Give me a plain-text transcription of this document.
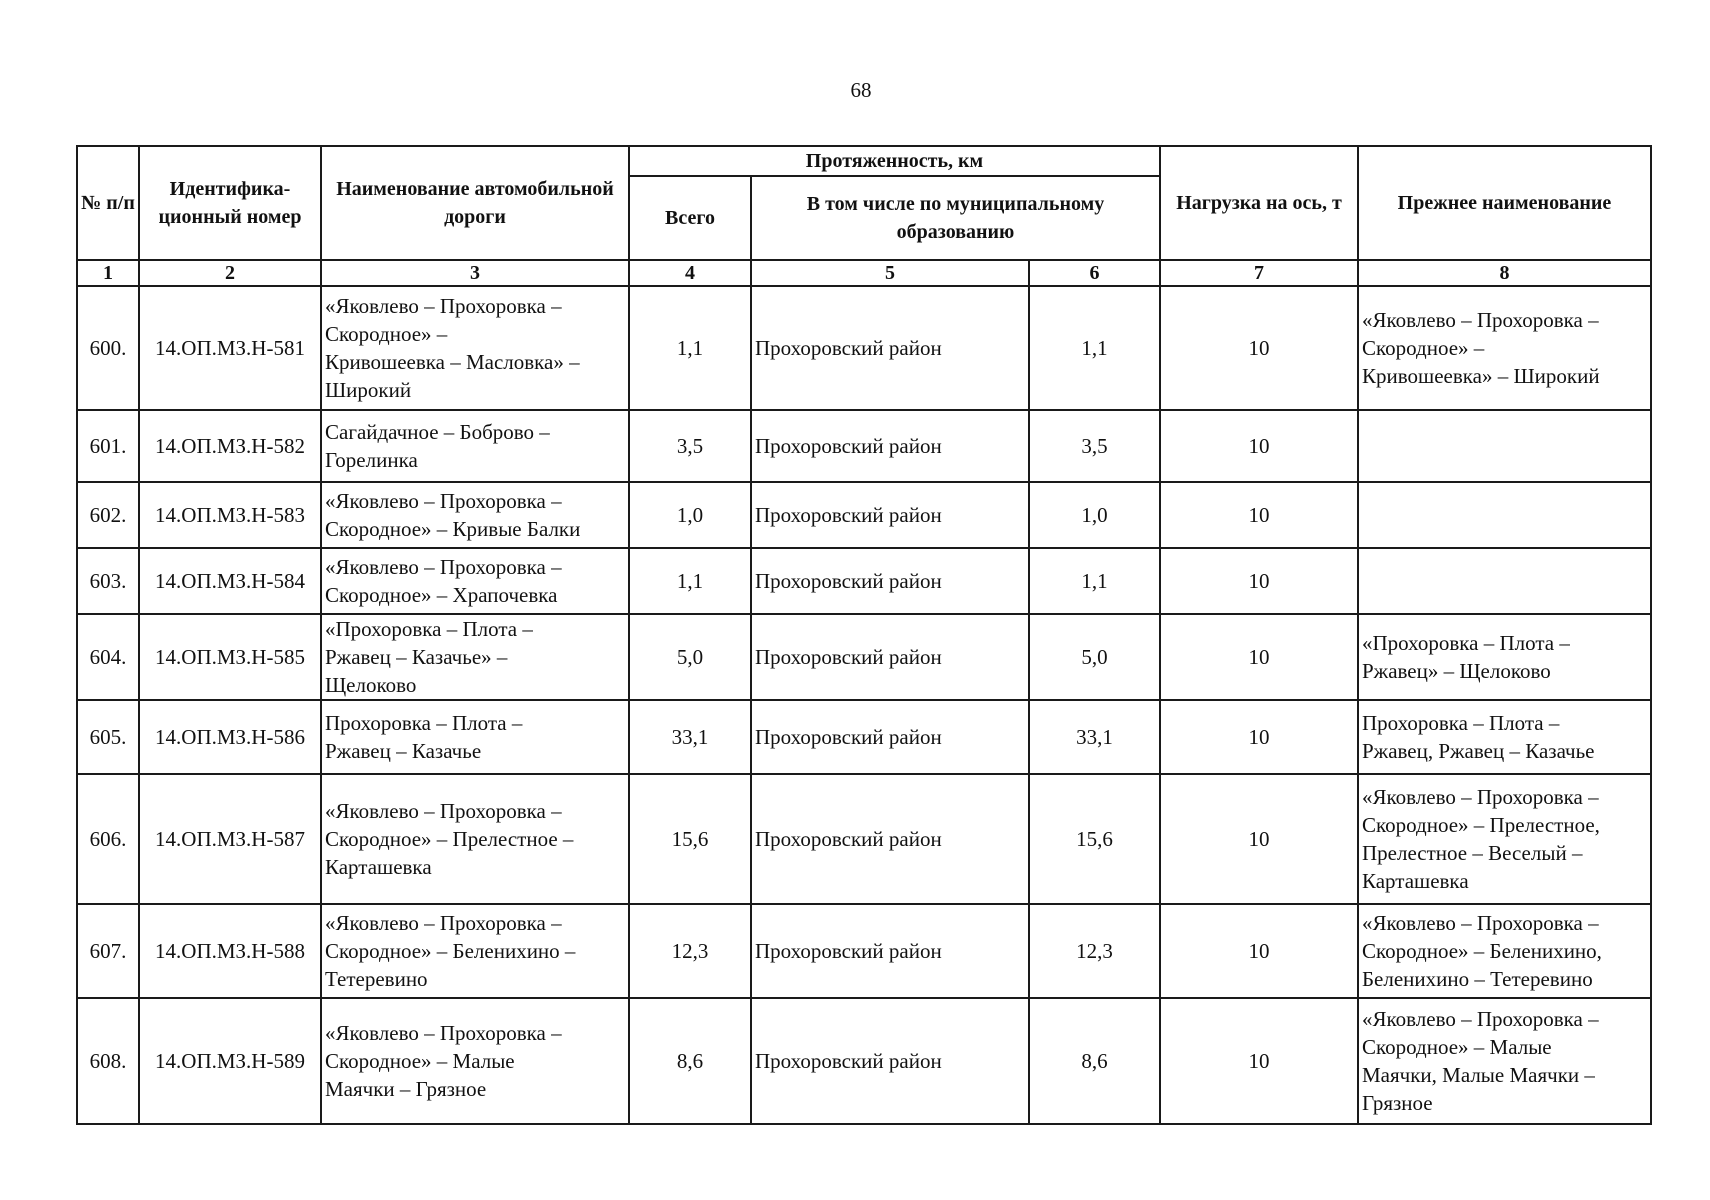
68
№ п/п	Идентифика-ционный номер	Наименование автомобильной дороги	Протяженность, км			Нагрузка на ось, т	Прежнее наименование
			Всего	В том числе по муниципальному образованию			
1	2	3	4	5	6	7	8
600.	14.ОП.МЗ.Н-581	«Яковлево – Прохоровка –
Скородное» –
Кривошеевка – Масловка» –
Широкий	1,1	Прохоровский район	1,1	10	«Яковлево – Прохоровка –
Скородное» –
Кривошеевка» – Широкий

601.	14.ОП.МЗ.Н-582	Сагайдачное – Боброво –
Горелинка	3,5	Прохоровский район	3,5	10	
602.	14.ОП.МЗ.Н-583	«Яковлево – Прохоровка –
Скородное» – Кривые Балки	1,0	Прохоровский район	1,0	10	
603.	14.ОП.МЗ.Н-584	«Яковлево – Прохоровка –
Скородное» – Храпочевка	1,1	Прохоровский район	1,1	10	
604.	14.ОП.МЗ.Н-585	«Прохоровка – Плота –
Ржавец – Казачье» –
Щелоково	5,0	Прохоровский район	5,0	10	«Прохоровка – Плота –
Ржавец» – Щелоково

605.	14.ОП.МЗ.Н-586	Прохоровка – Плота –
Ржавец – Казачье	33,1	Прохоровский район	33,1	10	Прохоровка – Плота –
Ржавец, Ржавец – Казачье

606.	14.ОП.МЗ.Н-587	«Яковлево – Прохоровка –
Скородное» – Прелестное –
Карташевка	15,6	Прохоровский район	15,6	10	«Яковлево – Прохоровка –
Скородное» – Прелестное,
Прелестное – Веселый –
Карташевка

607.	14.ОП.МЗ.Н-588	«Яковлево – Прохоровка –
Скородное» – Беленихино –
Тетеревино	12,3	Прохоровский район	12,3	10	«Яковлево – Прохоровка –
Скородное» – Беленихино,
Беленихино – Тетеревино

608.	14.ОП.МЗ.Н-589	«Яковлево – Прохоровка –
Скородное» – Малые
Маячки – Грязное	8,6	Прохоровский район	8,6	10	«Яковлево – Прохоровка –
Скородное» – Малые
Маячки, Малые Маячки –
Грязное
